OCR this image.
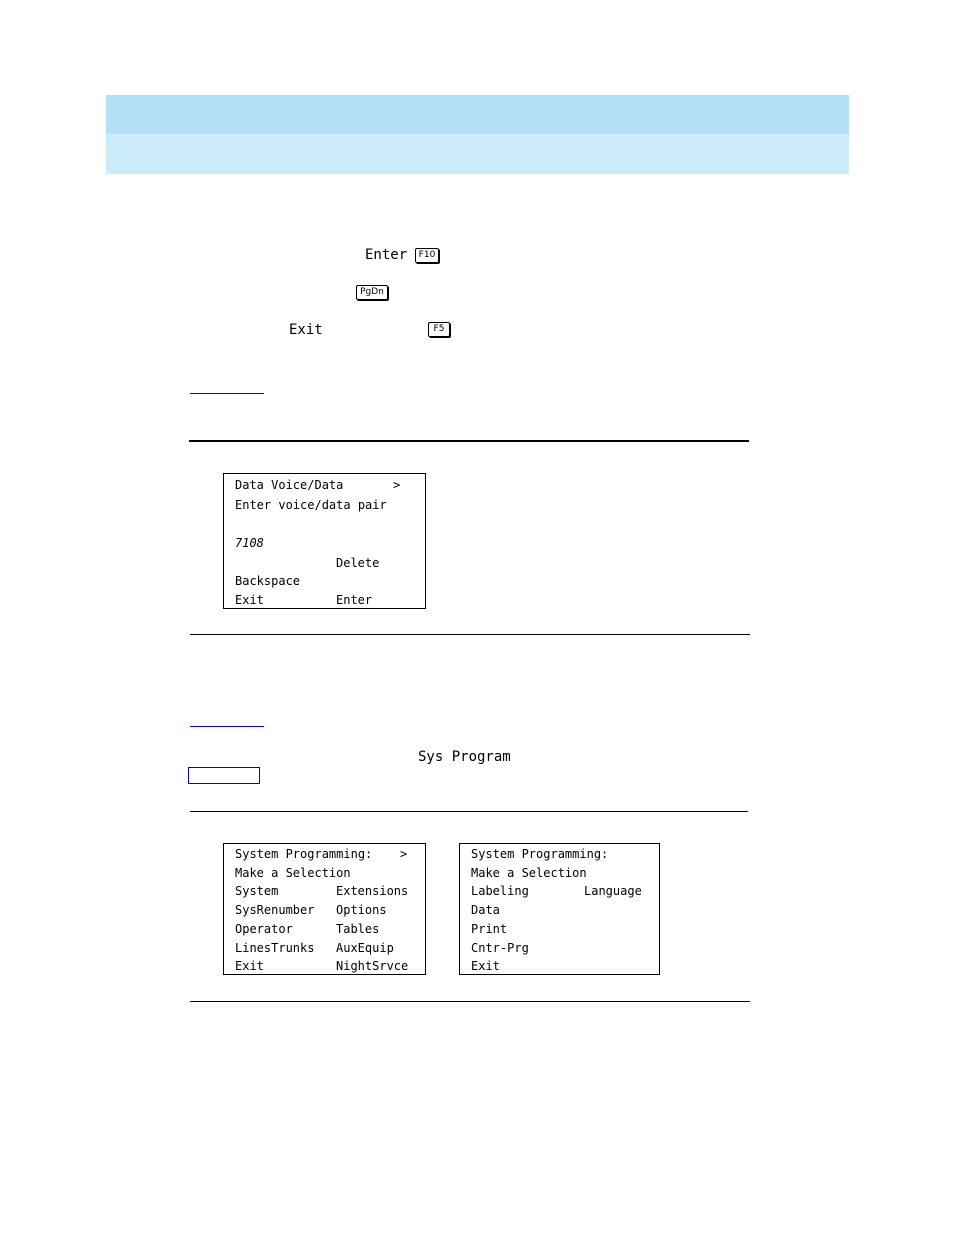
Enter	F10
PgDn
Exit	F5
Data Voice/Data	>
Enter voice/data pair
7108
Delete
Backspace
Exit	Enter
Sys Program
System Programming: >
Make a Selection
System	Extensions
SysRenumber Options
Operator	Tables
LinesTrunks AuxEquip
Exit	NightSrvce
System Programming:
Make a Selection
Labeling	Language
Data
Print
Cntr-Prg
Exit
